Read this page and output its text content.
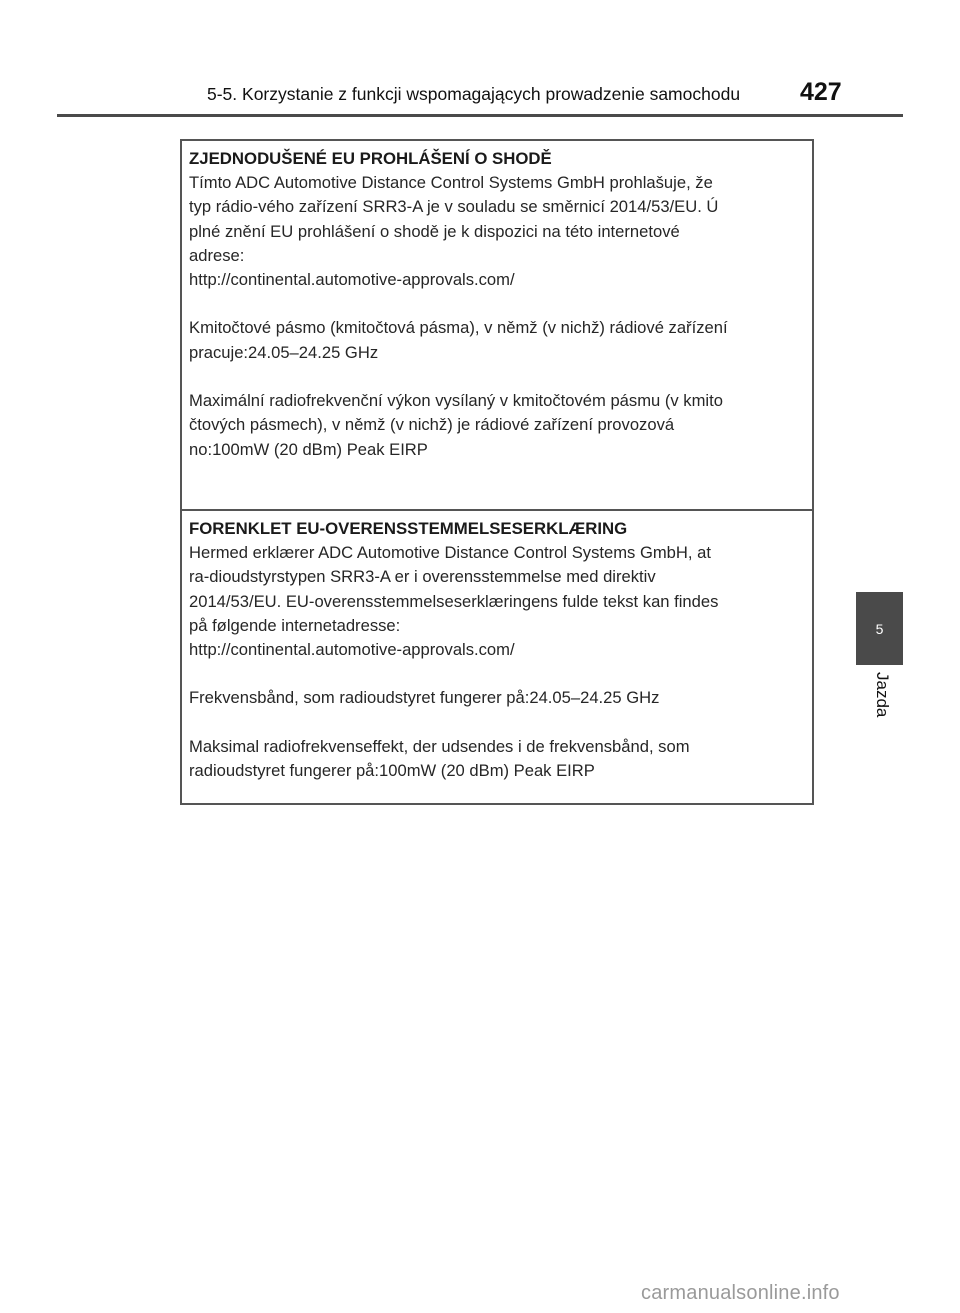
5-5. Korzystanie z funkcji wspomagających prowadzenie samochodu	427
5
Jazda

ZJEDNODUŠENÉ EU PROHLÁŠENÍ O SHODĚ

Tímto ADC Automotive Distance Control Systems GmbH prohlašuje, že

typ rádio-vého zařízení SRR3-A je v souladu se směrnicí 2014/53/EU. Ú

plné znění EU prohlášení o shodě je k dispozici na této internetové

adrese:

http://continental.automotive-approvals.com/

Kmitočtové pásmo (kmitočtová pásma), v němž (v nichž) rádiové zařízení

pracuje:24.05–24.25 GHz

Maximální radiofrekvenční výkon vysílaný v kmitočtovém pásmu (v kmito

čtových pásmech), v němž (v nichž) je rádiové zařízení provozová

no:100mW (20 dBm) Peak EIRP

FORENKLET EU-OVERENSSTEMMELSESERKLÆRING

Hermed erklærer ADC Automotive Distance Control Systems GmbH, at

ra-dioudstyrstypen SRR3-A er i overensstemmelse med direktiv

2014/53/EU. EU-overensstemmelseserklæringens fulde tekst kan findes

på følgende internetadresse:

http://continental.automotive-approvals.com/

Frekvensbånd, som radioudstyret fungerer på:24.05–24.25 GHz

Maksimal radiofrekvenseffekt, der udsendes i de frekvensbånd, som

radioudstyret fungerer på:100mW (20 dBm) Peak EIRP

carmanualsonline.info
